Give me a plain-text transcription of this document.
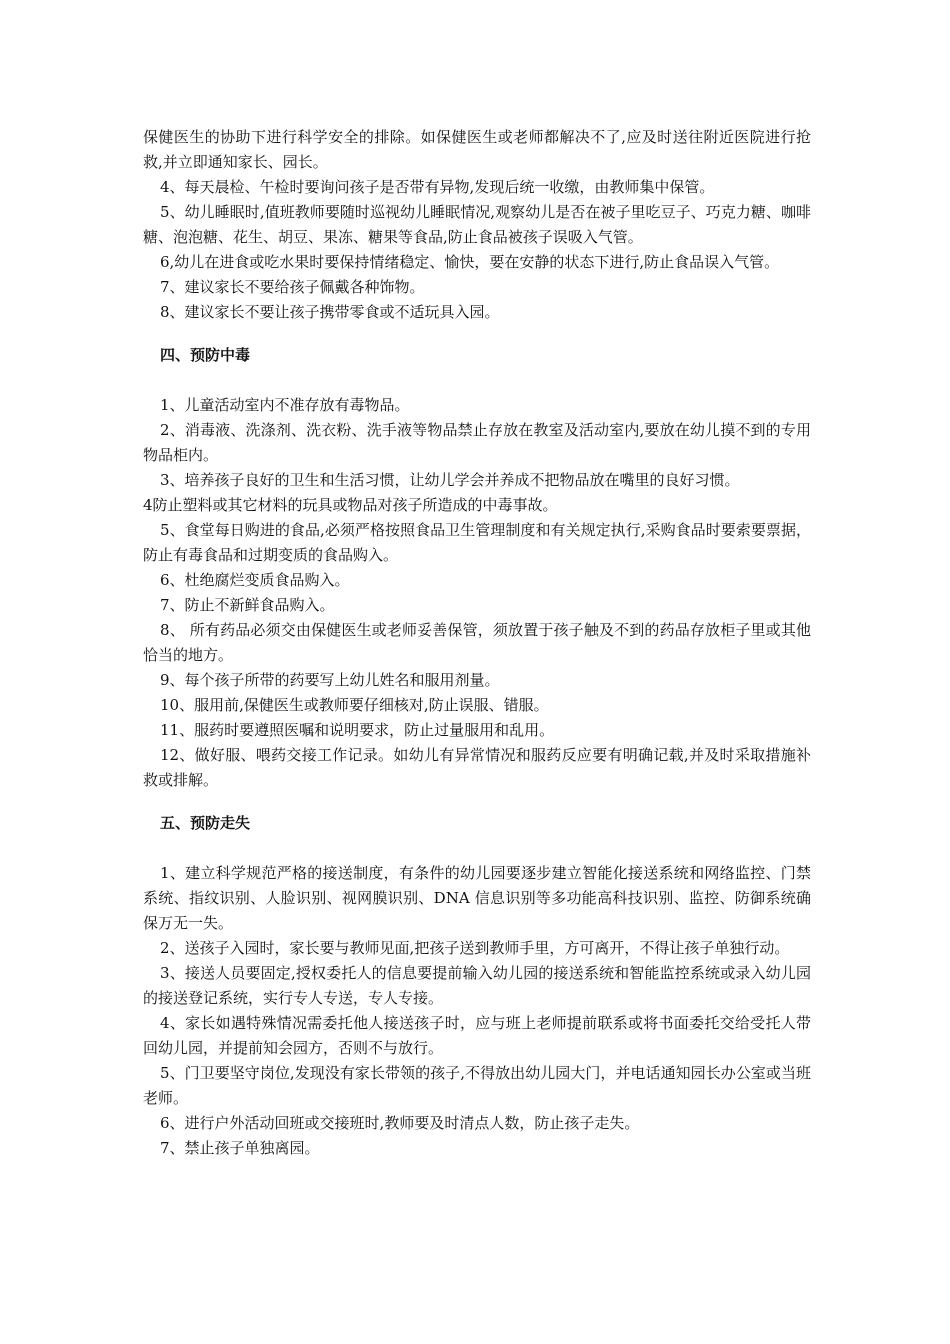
保健医生的协助下进行科学安全的排除。如保健医生或老师都解决不了,应及时送往附近医院进行抢救,并立即通知家长、园长。

4、每天晨检、午检时要询问孩子是否带有异物,发现后统一收缴，由教师集中保管。

5、幼儿睡眠时,值班教师要随时巡视幼儿睡眠情况,观察幼儿是否在被子里吃豆子、巧克力糖、咖啡糖、泡泡糖、花生、胡豆、果冻、糖果等食品,防止食品被孩子误吸入气管。

6,幼儿在进食或吃水果时要保持情绪稳定、愉快，要在安静的状态下进行,防止食品误入气管。

7、建议家长不要给孩子佩戴各种饰物。

8、建议家长不要让孩子携带零食或不适玩具入园。

四、预防中毒

1、儿童活动室内不准存放有毒物品。

2、消毒液、洗涤剂、洗衣粉、洗手液等物品禁止存放在教室及活动室内,要放在幼儿摸不到的专用物品柜内。

3、培养孩子良好的卫生和生活习惯，让幼儿学会并养成不把物品放在嘴里的良好习惯。

4防止塑料或其它材料的玩具或物品对孩子所造成的中毒事故。

5、食堂每日购进的食品,必须严格按照食品卫生管理制度和有关规定执行,采购食品时要索要票据，防止有毒食品和过期变质的食品购入。

6、杜绝腐烂变质食品购入。

7、防止不新鲜食品购入。

8、 所有药品必须交由保健医生或老师妥善保管，须放置于孩子触及不到的药品存放柜子里或其他恰当的地方。

9、每个孩子所带的药要写上幼儿姓名和服用剂量。

10、服用前,保健医生或教师要仔细核对,防止误服、错服。

11、服药时要遵照医嘱和说明要求，防止过量服用和乱用。

12、做好服、喂药交接工作记录。如幼儿有异常情况和服药反应要有明确记载,并及时采取措施补救或排解。

五、预防走失

1、建立科学规范严格的接送制度，有条件的幼儿园要逐步建立智能化接送系统和网络监控、门禁系统、指纹识别、人脸识别、视网膜识别、DNA 信息识别等多功能高科技识别、监控、防御系统确保万无一失。

2、送孩子入园时，家长要与教师见面,把孩子送到教师手里，方可离开，不得让孩子单独行动。

3、接送人员要固定,授权委托人的信息要提前输入幼儿园的接送系统和智能监控系统或录入幼儿园的接送登记系统，实行专人专送，专人专接。

4、家长如遇特殊情况需委托他人接送孩子时，应与班上老师提前联系或将书面委托交给受托人带回幼儿园，并提前知会园方，否则不与放行。

5、门卫要坚守岗位,发现没有家长带领的孩子,不得放出幼儿园大门，并电话通知园长办公室或当班老师。

6、进行户外活动回班或交接班时,教师要及时清点人数，防止孩子走失。

7、禁止孩子单独离园。
